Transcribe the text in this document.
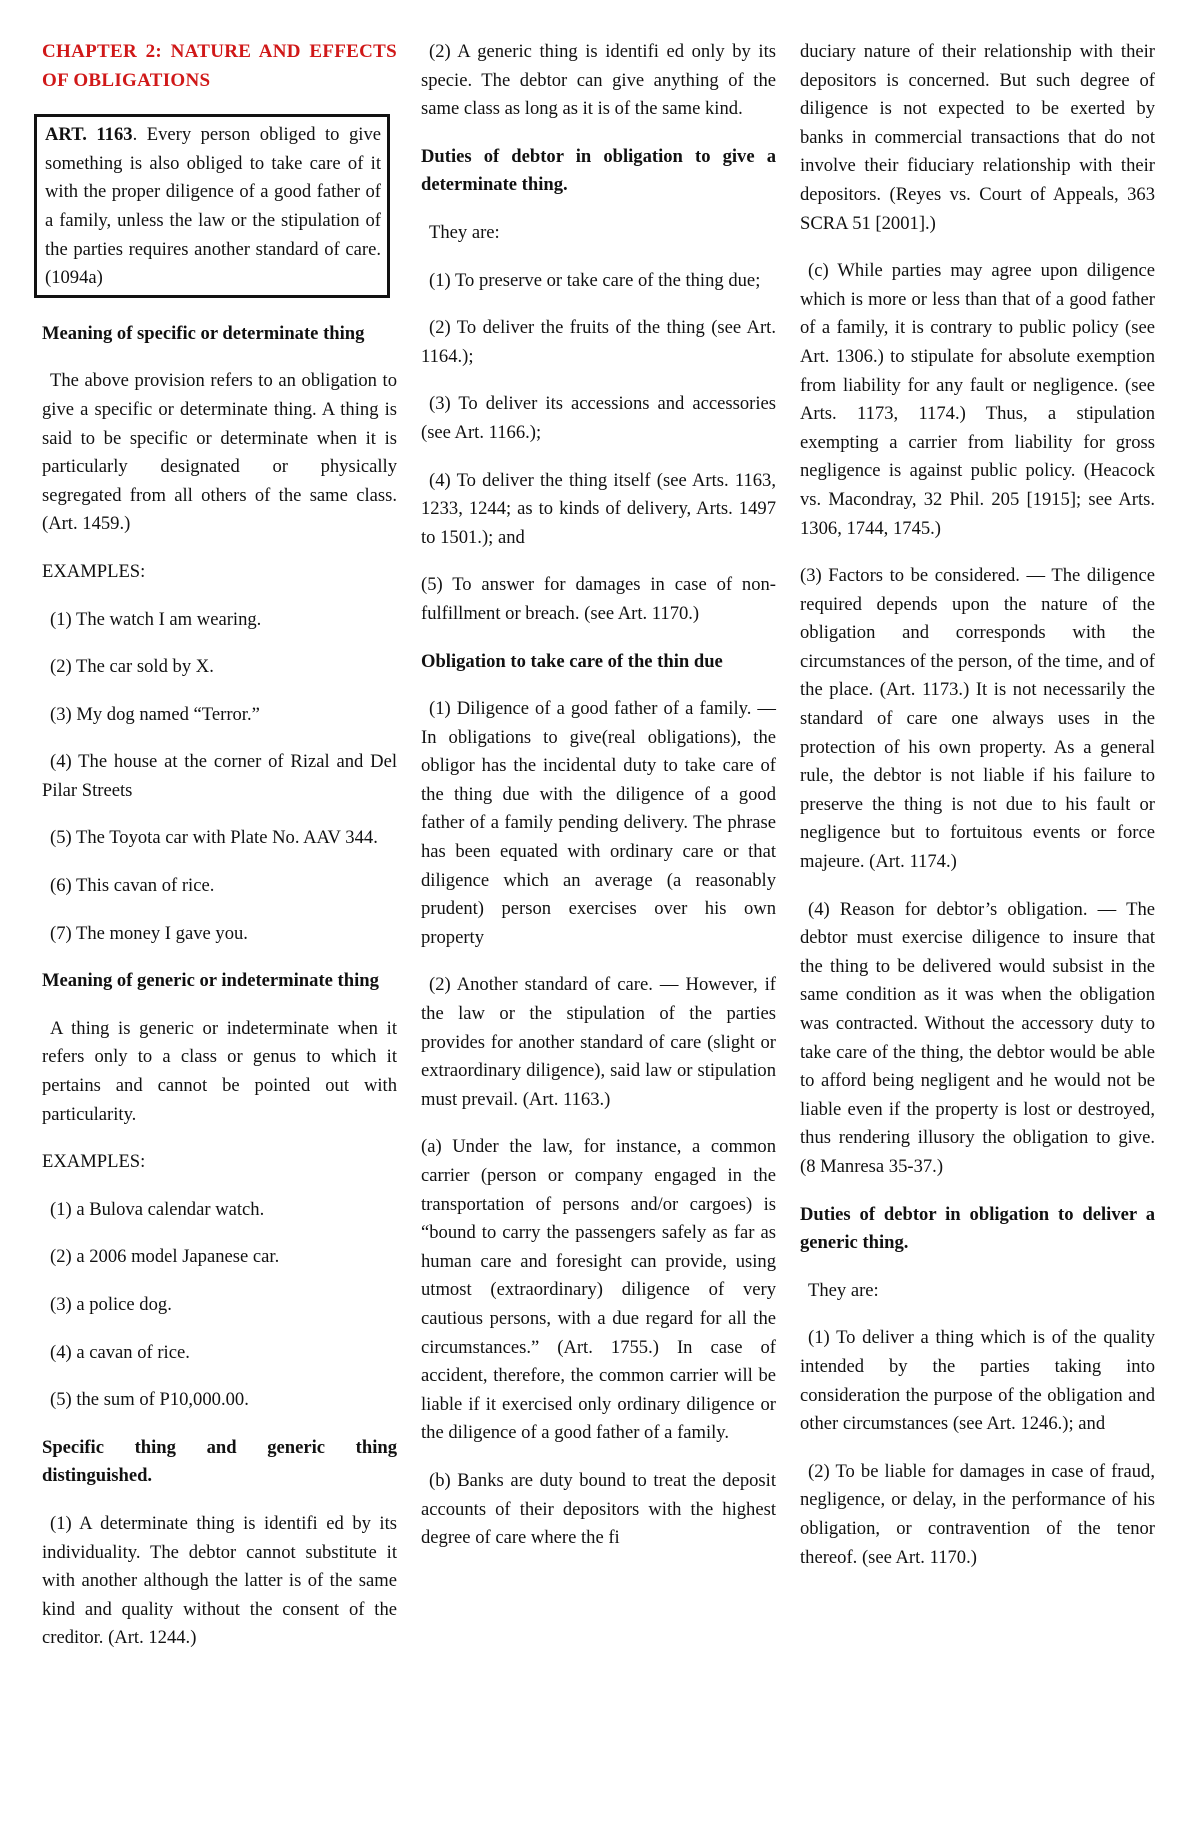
CHAPTER 2: NATURE AND EFFECTS OF OBLIGATIONS

ART. 1163. Every person obliged to give something is also obliged to take care of it with the proper diligence of a good father of a family, unless the law or the stipulation of the parties requires another standard of care. (1094a)

Meaning of specific or determinate thing

The above provision refers to an obligation to give a specific or determinate thing. A thing is said to be specific or determinate when it is particularly designated or physically segregated from all others of the same class. (Art. 1459.)

EXAMPLES:

(1) The watch I am wearing.

(2) The car sold by X.

(3) My dog named “Terror.”

(4) The house at the corner of Rizal and Del Pilar Streets

(5) The Toyota car with Plate No. AAV 344.

(6) This cavan of rice.

(7) The money I gave you.

Meaning of generic or indeterminate thing

A thing is generic or indeterminate when it refers only to a class or genus to which it pertains and cannot be pointed out with particularity.

EXAMPLES:

(1) a Bulova calendar watch.

(2) a 2006 model Japanese car.

(3) a police dog.

(4) a cavan of rice.

(5) the sum of P10,000.00.

Specific thing and generic thing distinguished.

(1) A determinate thing is identifi ed by its individuality. The debtor cannot substitute it with another although the latter is of the same kind and quality without the consent of the creditor. (Art. 1244.)

(2) A generic thing is identifi ed only by its specie. The debtor can give anything of the same class as long as it is of the same kind.

Duties of debtor in obligation to give a determinate thing.

They are:

(1) To preserve or take care of the thing due;

(2) To deliver the fruits of the thing (see Art. 1164.);

(3) To deliver its accessions and accessories (see Art. 1166.);

(4) To deliver the thing itself (see Arts. 1163, 1233, 1244; as to kinds of delivery, Arts. 1497 to 1501.); and

(5) To answer for damages in case of non-fulfillment or breach. (see Art. 1170.)

Obligation to take care of the thin due

(1) Diligence of a good father of a family. — In obligations to give(real obligations), the obligor has the incidental duty to take care of the thing due with the diligence of a good father of a family pending delivery. The phrase has been equated with ordinary care or that diligence which an average (a reasonably prudent) person exercises over his own property

(2) Another standard of care. — However, if the law or the stipulation of the parties provides for another standard of care (slight or extraordinary diligence), said law or stipulation must prevail. (Art. 1163.)

(a) Under the law, for instance, a common carrier (person or company engaged in the transportation of persons and/or cargoes) is “bound to carry the passengers safely as far as human care and foresight can provide, using utmost (extraordinary) diligence of very cautious persons, with a due regard for all the circumstances.” (Art. 1755.) In case of accident, therefore, the common carrier will be liable if it exercised only ordinary diligence or the diligence of a good father of a family.

(b) Banks are duty bound to treat the deposit accounts of their depositors with the highest degree of care where the fi

duciary nature of their relationship with their depositors is concerned. But such degree of diligence is not expected to be exerted by banks in commercial transactions that do not involve their fiduciary relationship with their depositors. (Reyes vs. Court of Appeals, 363 SCRA 51 [2001].)

(c) While parties may agree upon diligence which is more or less than that of a good father of a family, it is contrary to public policy (see Art. 1306.) to stipulate for absolute exemption from liability for any fault or negligence. (see Arts. 1173, 1174.) Thus, a stipulation exempting a carrier from liability for gross negligence is against public policy. (Heacock vs. Macondray, 32 Phil. 205 [1915]; see Arts. 1306, 1744, 1745.)

(3) Factors to be considered. — The diligence required depends upon the nature of the obligation and corresponds with the circumstances of the person, of the time, and of the place. (Art. 1173.) It is not necessarily the standard of care one always uses in the protection of his own property. As a general rule, the debtor is not liable if his failure to preserve the thing is not due to his fault or negligence but to fortuitous events or force majeure. (Art. 1174.)

(4) Reason for debtor’s obligation. — The debtor must exercise diligence to insure that the thing to be delivered would subsist in the same condition as it was when the obligation was contracted. Without the accessory duty to take care of the thing, the debtor would be able to afford being negligent and he would not be liable even if the property is lost or destroyed, thus rendering illusory the obligation to give. (8 Manresa 35-37.)

Duties of debtor in obligation to deliver a generic thing.

They are:

(1) To deliver a thing which is of the quality intended by the parties taking into consideration the purpose of the obligation and other circumstances (see Art. 1246.); and

(2) To be liable for damages in case of fraud, negligence, or delay, in the performance of his obligation, or contravention of the tenor thereof. (see Art. 1170.)
